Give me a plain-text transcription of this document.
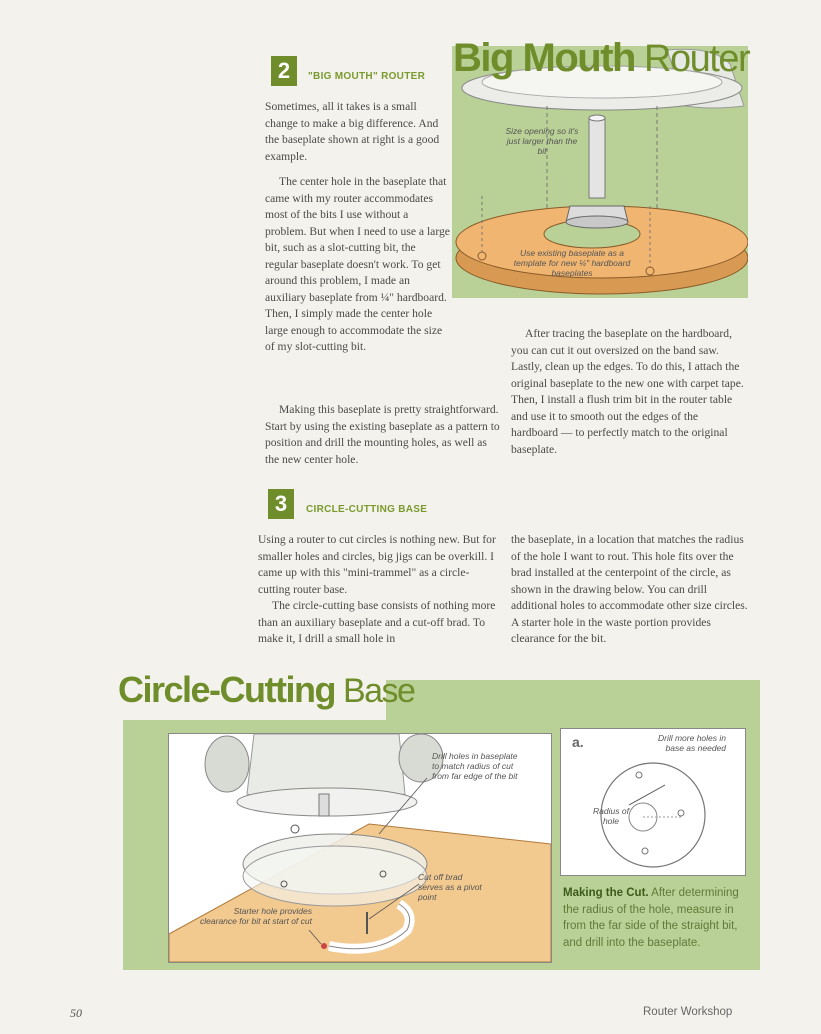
2	"BIG MOUTH" ROUTER Big Mouth Router
Size opening so it's just larger than the bit
Use existing baseplate as a template for new ¼" hardboard baseplates

Sometimes, all it takes is a small change to make a big difference. And the baseplate shown at right is a good example.

The center hole in the baseplate that came with my router accommodates most of the bits I use without a problem. But when I need to use a large bit, such as a slot-cutting bit, the regular baseplate doesn't work. To get around this problem, I made an auxiliary baseplate from ¼" hardboard. Then, I simply made the center hole large enough to accommodate the size of my slot-cutting bit.

Making this baseplate is pretty straightforward. Start by using the existing baseplate as a pattern to position and drill the mounting holes, as well as the new center hole.

After tracing the baseplate on the hardboard, you can cut it out oversized on the band saw. Lastly, clean up the edges. To do this, I attach the original baseplate to the new one with carpet tape. Then, I install a flush trim bit in the router table and use it to smooth out the edges of the hardboard — to perfectly match to the original baseplate.

3	CIRCLE-CUTTING BASE

Using a router to cut circles is nothing new. But for smaller holes and circles, big jigs can be overkill. I came up with this "mini-trammel" as a circle-cutting router base.

The circle-cutting base consists of nothing more than an auxiliary baseplate and a cut-off brad. To make it, I drill a small hole in

the baseplate, in a location that matches the radius of the hole I want to rout. This hole fits over the brad installed at the centerpoint of the circle, as shown in the drawing below. You can drill additional holes to accommodate other size circles. A starter hole in the waste portion provides clearance for the bit.

Circle-Cutting Base
Drill holes in baseplate to match radius of cut from far edge of the bit
Cut off brad serves as a pivot point
Starter hole provides clearance for bit at start of cut
a.	Drill more holes in base as needed
Radius of hole
Making the Cut. After determining the radius of the hole, measure in from the far side of the straight bit, and drill into the baseplate.
50	Router Workshop
